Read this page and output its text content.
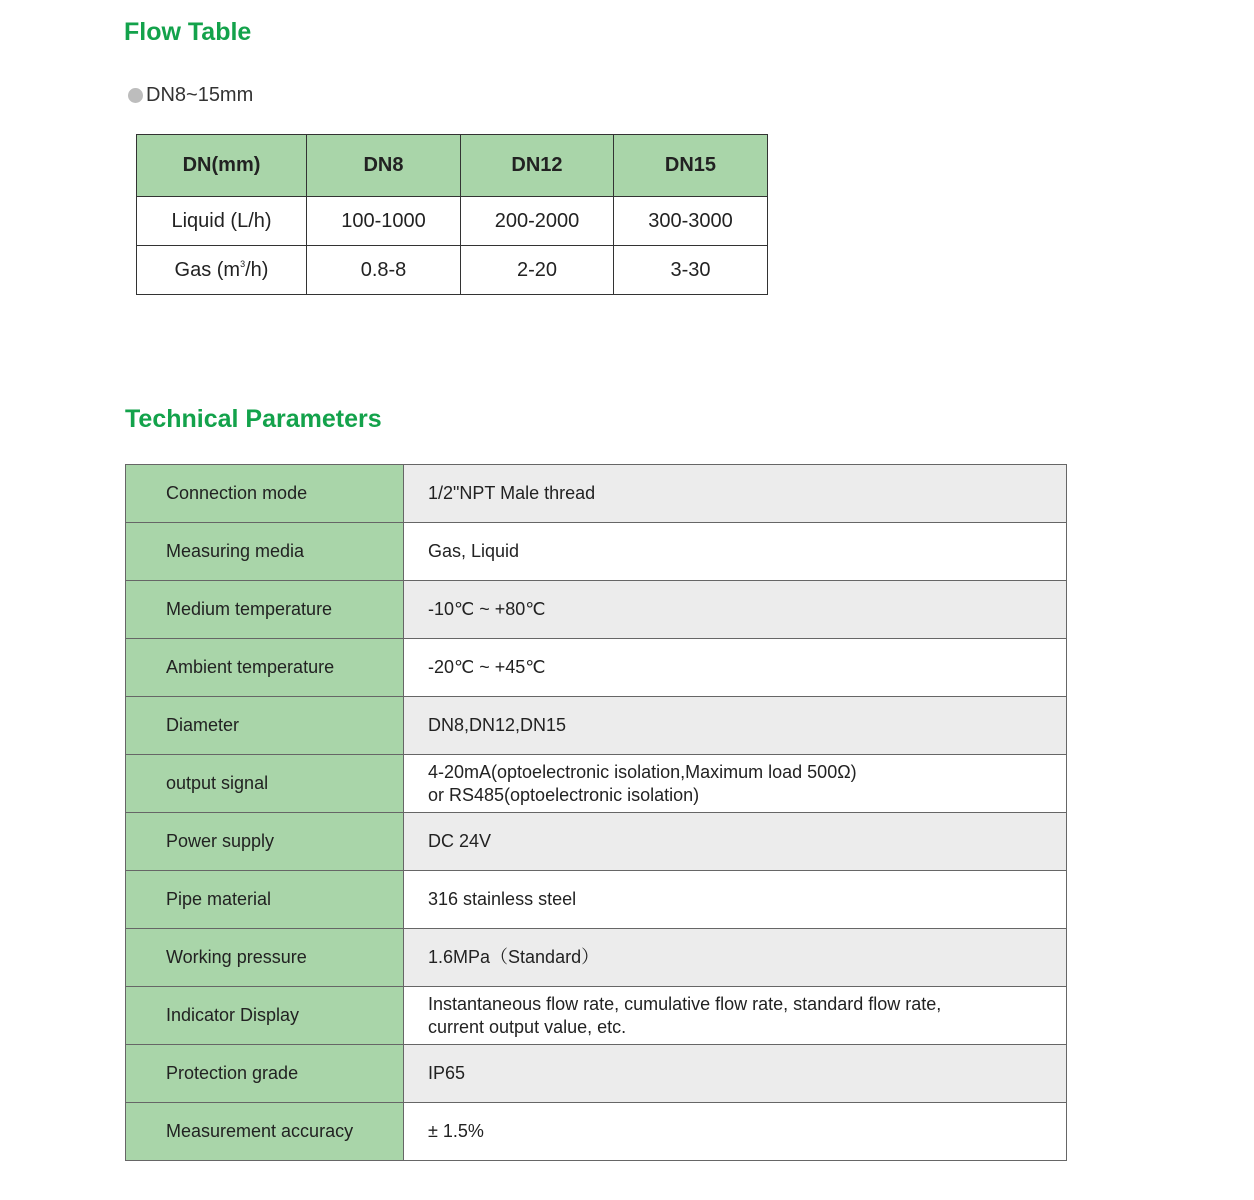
Flow Table
DN8~15mm
DN(mm)	DN8	DN12	DN15
Liquid (L/h)	100-1000	200-2000	300-3000
Gas $(m^3/h)$	0.8-8	2-20	3-30
Technical Parameters
Connection mode	1/2"NPT Male thread

Measuring media	Gas, Liquid

Medium temperature	-10℃ ~ +80℃

Ambient temperature	-20℃ ~ +45℃

Diameter	DN8,DN12,DN15

output signal	4-20mA(optoelectronic isolation,Maximum load 500Ω)
or RS485(optoelectronic isolation)

Power supply	DC 24V

Pipe material	316 stainless steel

Working pressure	1.6MPa（Standard）

Indicator Display	Instantaneous flow rate, cumulative flow rate, standard flow rate,
current output value, etc.

Protection grade	IP65

Measurement accuracy	± 1.5%
